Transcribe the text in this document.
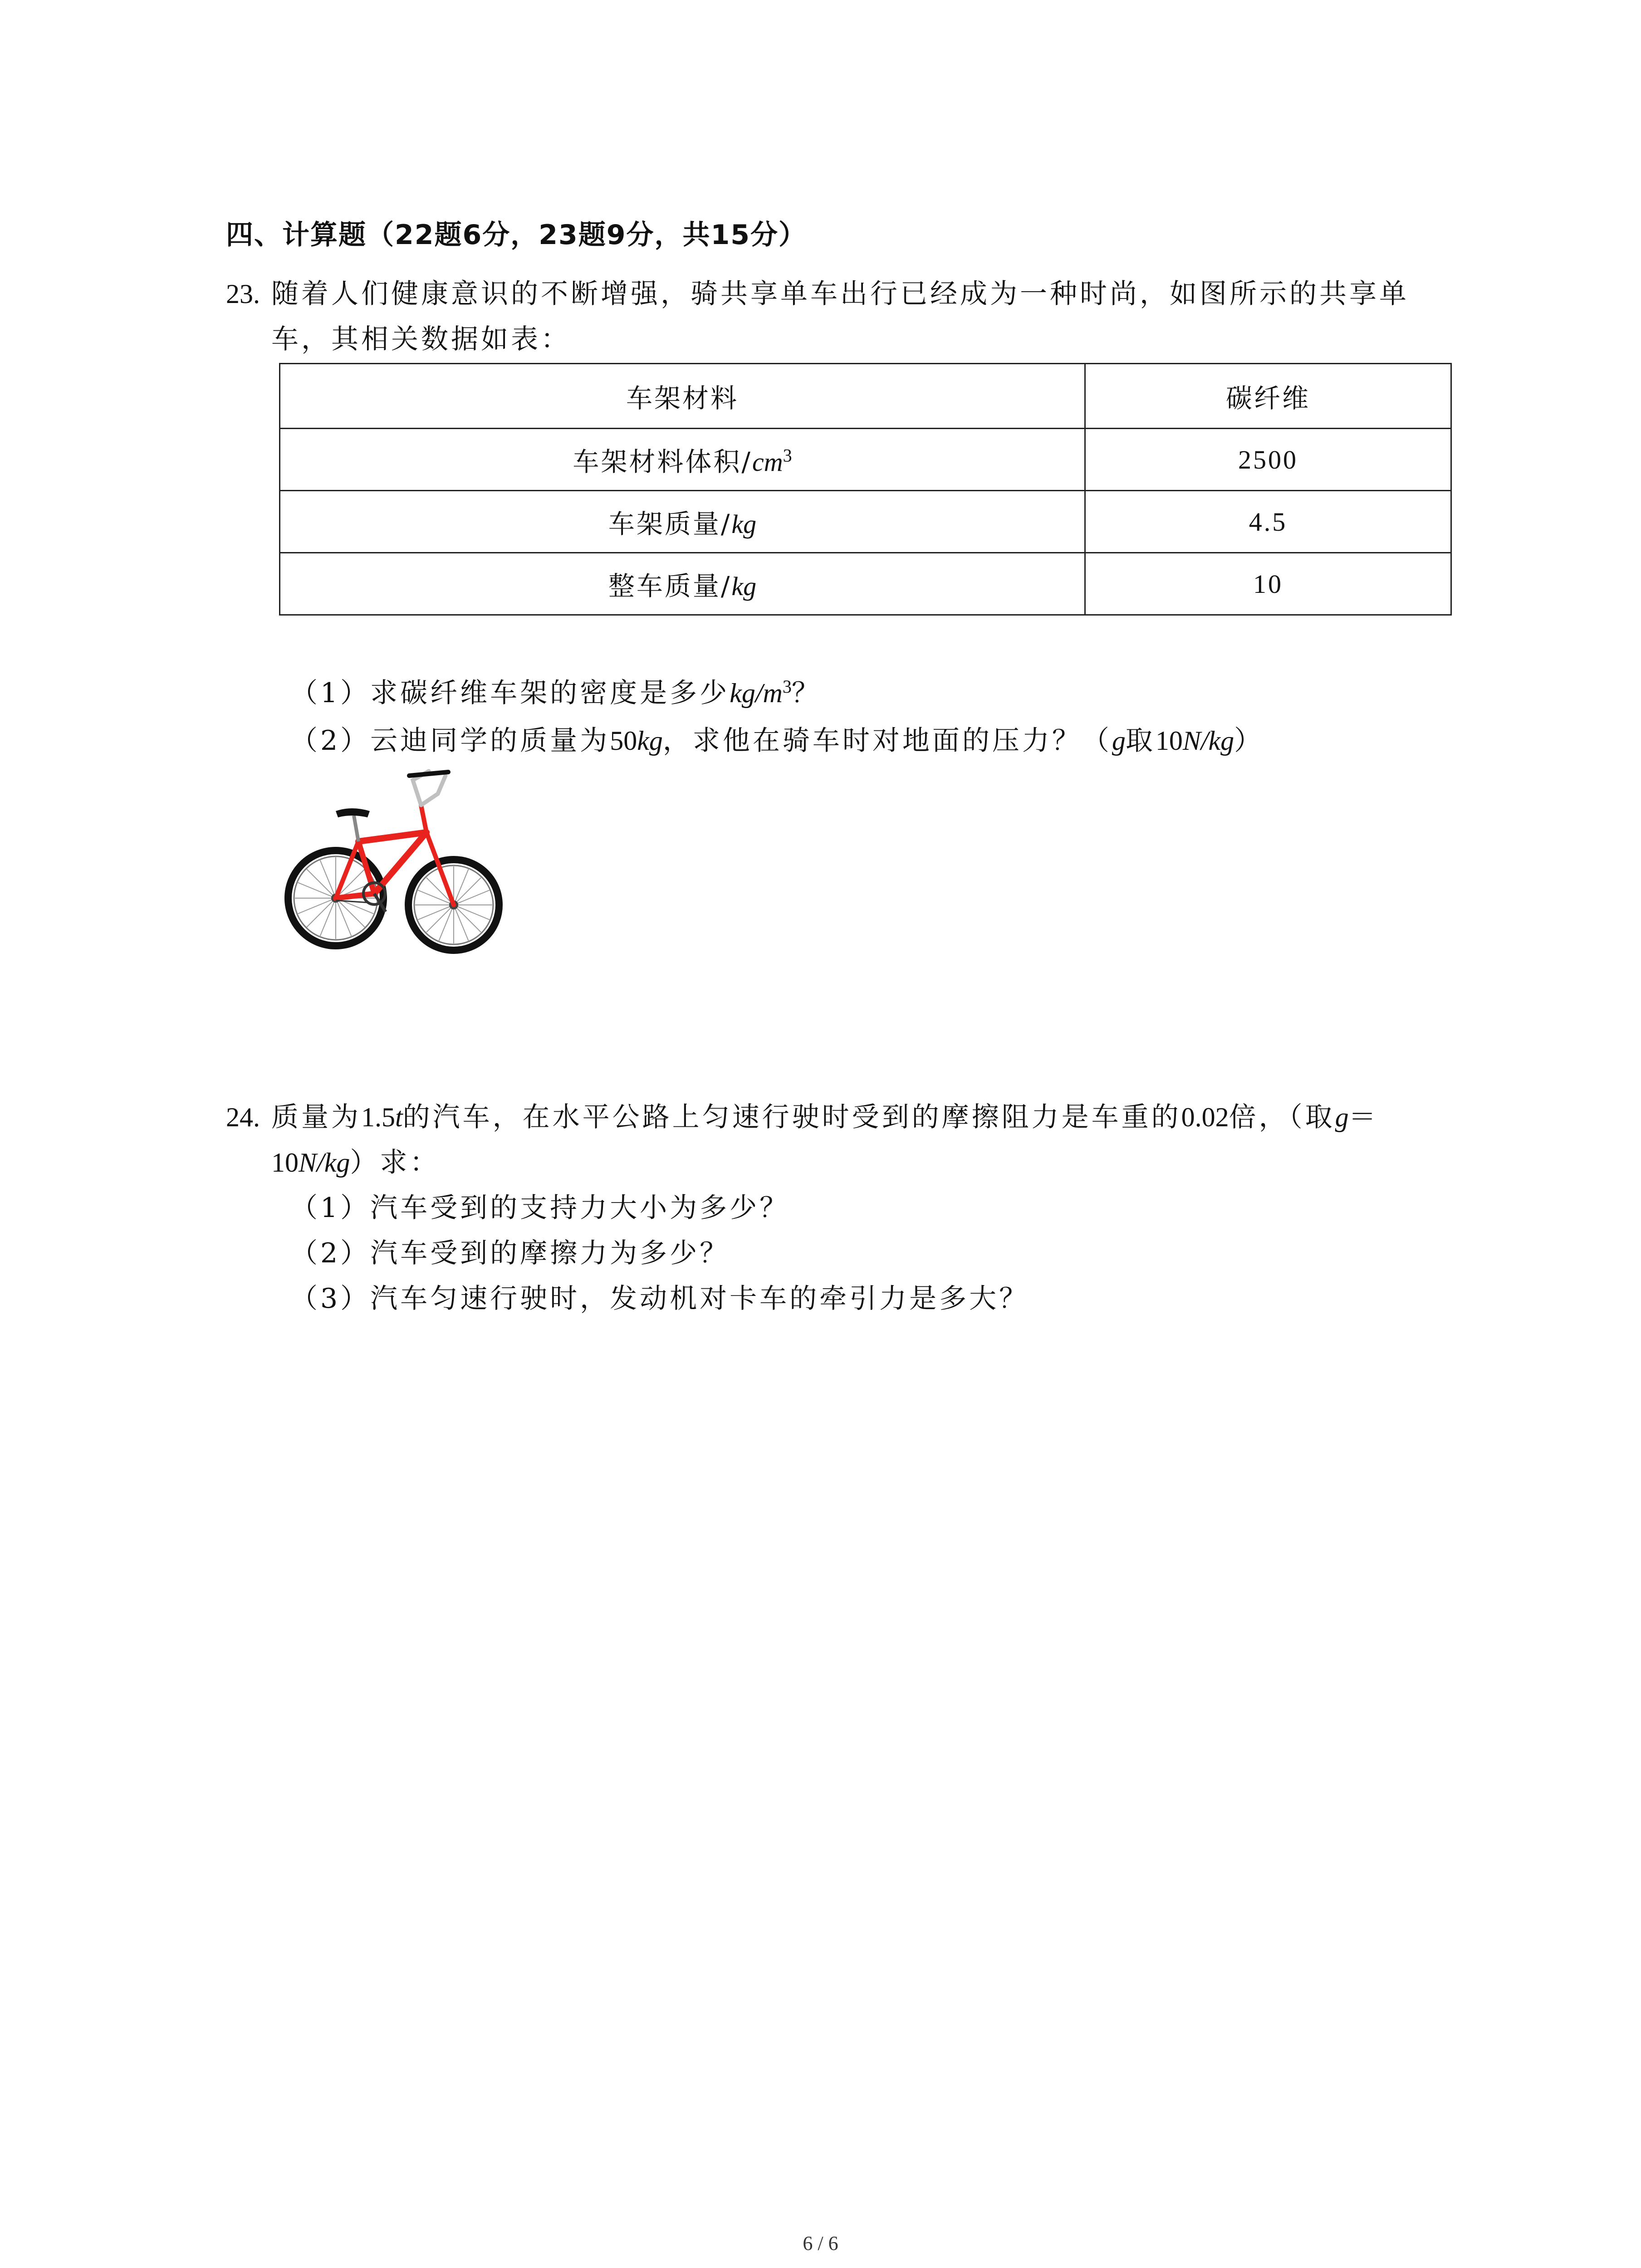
四、计算题（22题6分，23题9分，共15分）
23. 随着人们健康意识的不断增强，骑共享单车出行已经成为一种时尚，如图所示的共享单
车，其相关数据如表：
车架材料	碳纤维
车架材料体积$/cm^3$	2500
车架质量/kg	4.5
整车质量/kg	10
（1）求碳纤维车架的密度是多少$kg/m^3$？
（2）云迪同学的质量为50kg，求他在骑车时对地面的压力？（g取10N/kg）
24. 质量为1.5t的汽车，在水平公路上匀速行驶时受到的摩擦阻力是车重的0.02倍，（取g＝
10N/kg）求：
（1）汽车受到的支持力大小为多少？
（2）汽车受到的摩擦力为多少？
（3）汽车匀速行驶时，发动机对卡车的牵引力是多大？
6 / 6
